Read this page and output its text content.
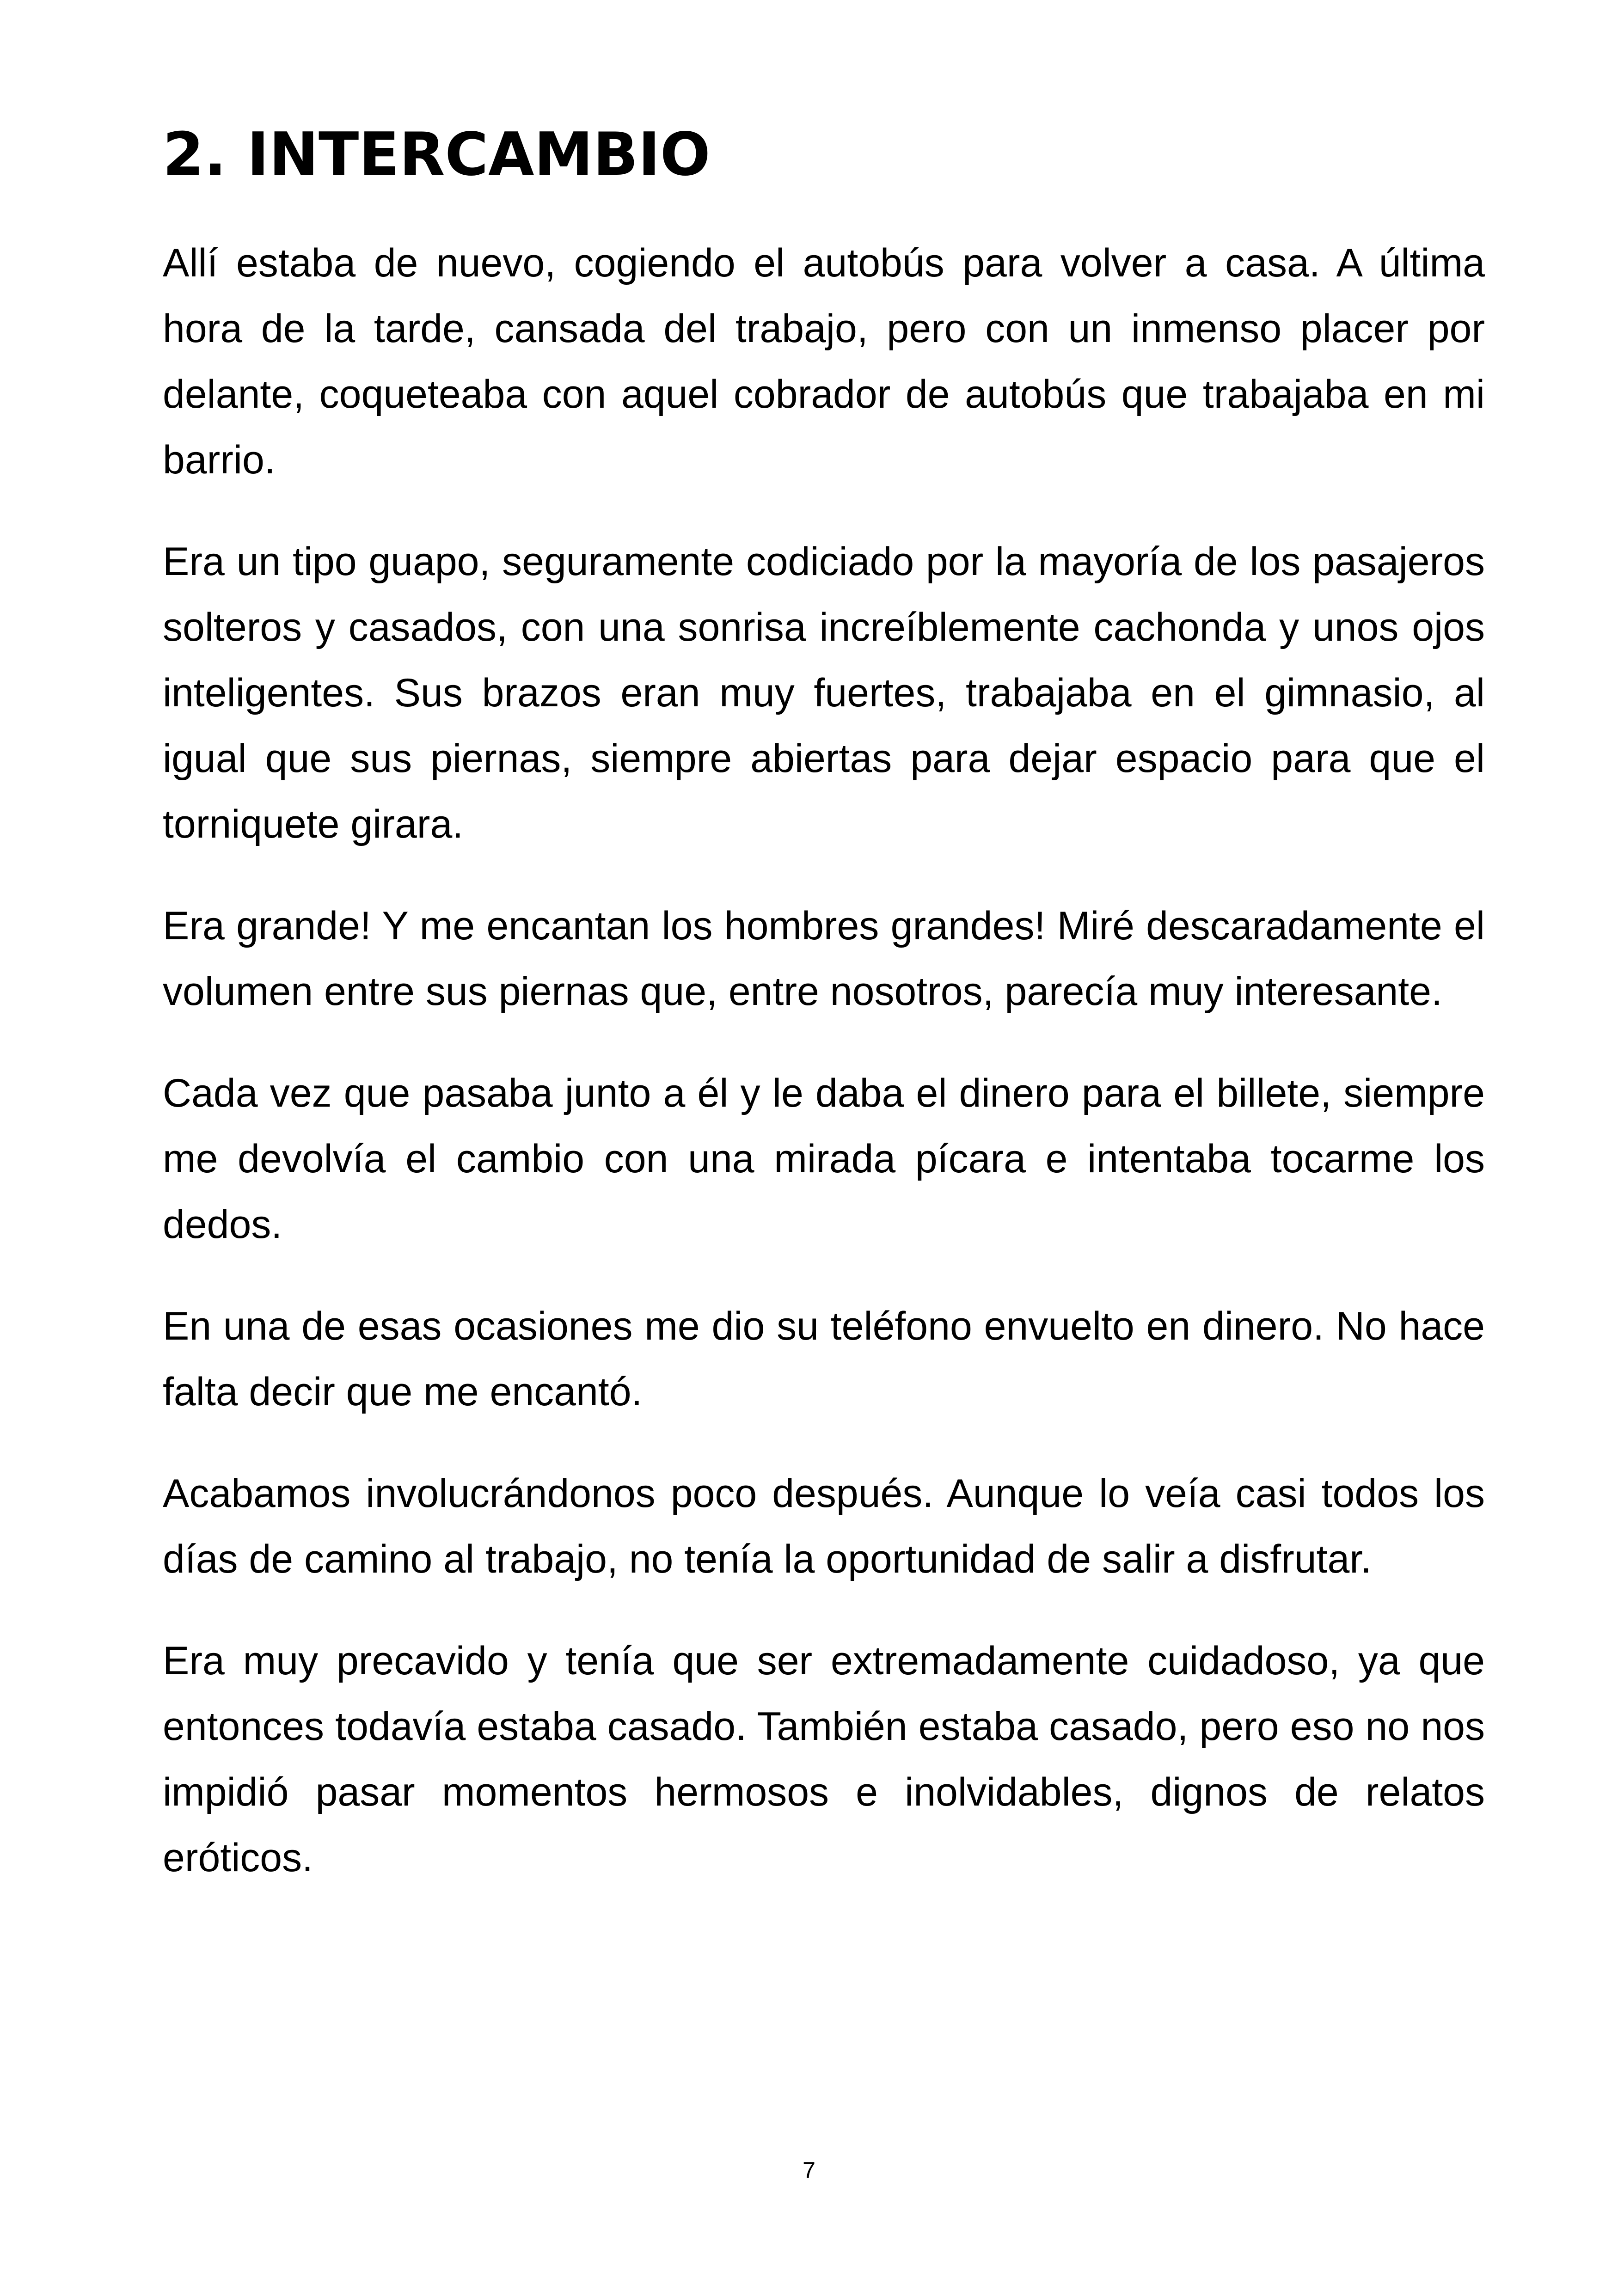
2. INTERCAMBIO

Allí estaba de nuevo, cogiendo el autobús para volver a casa. A última hora de la tarde, cansada del trabajo, pero con un inmenso placer por delante, coqueteaba con aquel cobrador de autobús que trabajaba en mi barrio.

Era un tipo guapo, seguramente codiciado por la mayoría de los pasajeros solteros y casados, con una sonrisa increíblemente cachonda y unos ojos inteligentes. Sus brazos eran muy fuertes, trabajaba en el gimnasio, al igual que sus piernas, siempre abiertas para dejar espacio para que el torniquete girara.

Era grande! Y me encantan los hombres grandes! Miré descaradamente el volumen entre sus piernas que, entre nosotros, parecía muy interesante.

Cada vez que pasaba junto a él y le daba el dinero para el billete, siempre me devolvía el cambio con una mirada pícara e intentaba tocarme los dedos.

En una de esas ocasiones me dio su teléfono envuelto en dinero. No hace falta decir que me encantó.

Acabamos involucrándonos poco después. Aunque lo veía casi todos los días de camino al trabajo, no tenía la oportunidad de salir a disfrutar.

Era muy precavido y tenía que ser extremadamente cuidadoso, ya que entonces todavía estaba casado. También estaba casado, pero eso no nos impidió pasar momentos hermosos e inolvidables, dignos de relatos eróticos.

7
